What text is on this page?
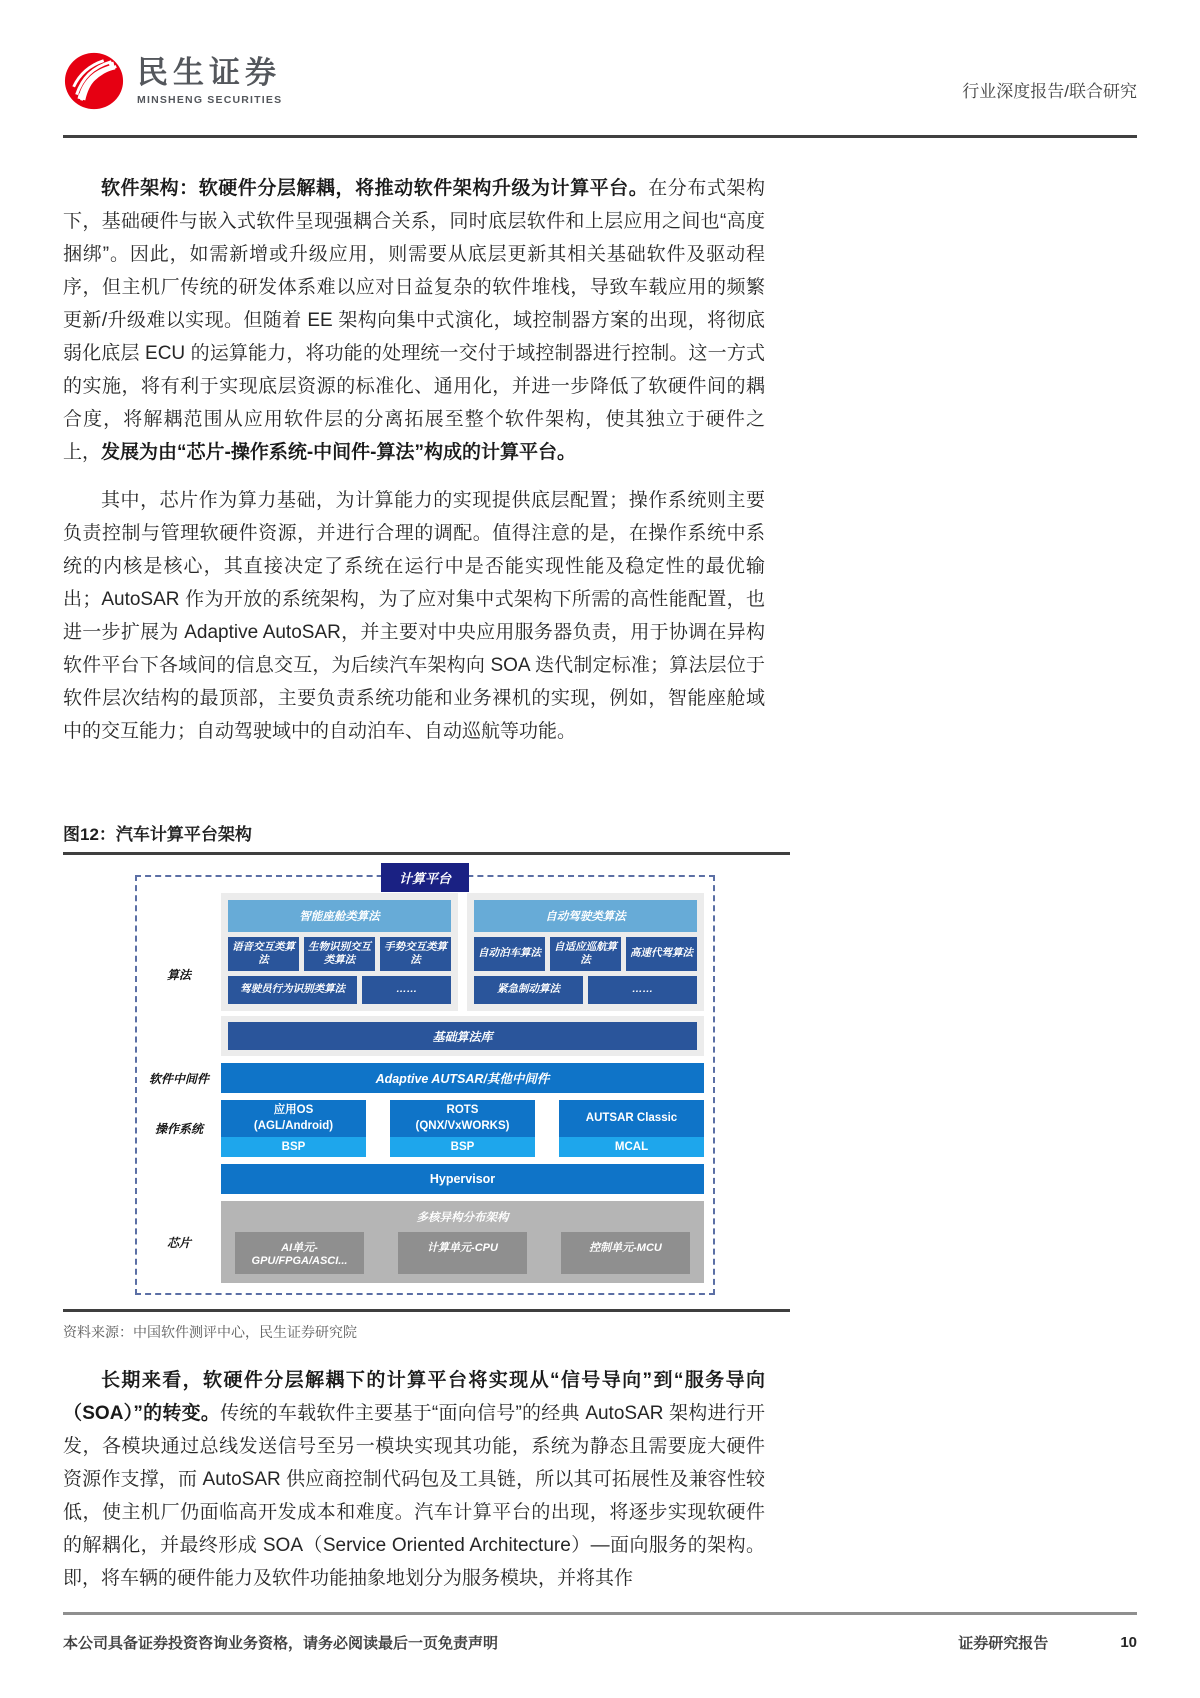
民生证券
MINSHENG SECURITIES	行业深度报告/联合研究

软件架构：软硬件分层解耦，将推动软件架构升级为计算平台。在分布式架构下，基础硬件与嵌入式软件呈现强耦合关系，同时底层软件和上层应用之间也“高度捆绑”。因此，如需新增或升级应用，则需要从底层更新其相关基础软件及驱动程序，但主机厂传统的研发体系难以应对日益复杂的软件堆栈，导致车载应用的频繁更新/升级难以实现。但随着 EE 架构向集中式演化，域控制器方案的出现，将彻底弱化底层 ECU 的运算能力，将功能的处理统一交付于域控制器进行控制。这一方式的实施，将有利于实现底层资源的标准化、通用化，并进一步降低了软硬件间的耦合度，将解耦范围从应用软件层的分离拓展至整个软件架构，使其独立于硬件之上，发展为由“芯片-操作系统-中间件-算法”构成的计算平台。

其中，芯片作为算力基础，为计算能力的实现提供底层配置；操作系统则主要负责控制与管理软硬件资源，并进行合理的调配。值得注意的是，在操作系统中系统的内核是核心，其直接决定了系统在运行中是否能实现性能及稳定性的最优输出；AutoSAR 作为开放的系统架构，为了应对集中式架构下所需的高性能配置，也进一步扩展为 Adaptive AutoSAR，并主要对中央应用服务器负责，用于协调在异构软件平台下各域间的信息交互，为后续汽车架构向 SOA 迭代制定标准；算法层位于软件层次结构的最顶部，主要负责系统功能和业务裸机的实现，例如，智能座舱域中的交互能力；自动驾驶域中的自动泊车、自动巡航等功能。

图12：汽车计算平台架构
计算平台
算法
智能座舱类算法
语音交互类算法
生物识别交互类算法
手势交互类算法
驾驶员行为识别类算法	……
自动驾驶类算法
自动泊车算法
自适应巡航算法
高速代驾算法
紧急制动算法	……
基础算法库
软件中间件	Adaptive AUTSAR/其他中间件
操作系统
应用OS
(AGL/Android)
BSP
ROTS
(QNX/VxWORKS)
BSP
AUTSAR Classic
MCAL
Hypervisor
芯片
多核异构分布架构
AI单元-GPU/FPGA/ASCI...
计算单元-CPU	控制单元-MCU
资料来源：中国软件测评中心，民生证券研究院

长期来看，软硬件分层解耦下的计算平台将实现从“信号导向”到“服务导向（SOA）”的转变。传统的车载软件主要基于“面向信号”的经典 AutoSAR 架构进行开发，各模块通过总线发送信号至另一模块实现其功能，系统为静态且需要庞大硬件资源作支撑，而 AutoSAR 供应商控制代码包及工具链，所以其可拓展性及兼容性较低，使主机厂仍面临高开发成本和难度。汽车计算平台的出现，将逐步实现软硬件的解耦化，并最终形成 SOA（Service Oriented Architecture）—面向服务的架构。即，将车辆的硬件能力及软件功能抽象地划分为服务模块，并将其作

本公司具备证券投资咨询业务资格，请务必阅读最后一页免责声明	证券研究报告	10
